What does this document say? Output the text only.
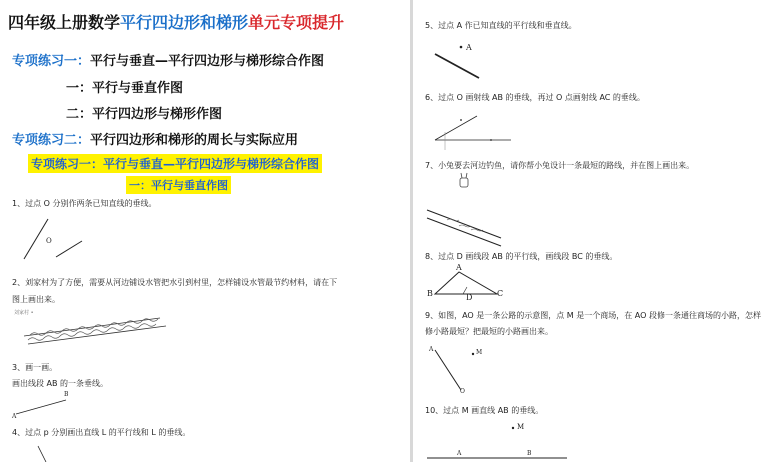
四年级上册数学平行四边形和梯形单元专项提升
专项练习一：平行与垂直—平行四边形与梯形综合作图
一：平行与垂直作图
二：平行四边形与梯形作图
专项练习二：平行四边形和梯形的周长与实际应用
专项练习一：平行与垂直—平行四边形与梯形综合作图
一：平行与垂直作图
1、过点 O 分别作两条已知直线的垂线。
O
2、刘家村为了方便，需要从河边铺设水管把水引到村里，怎样铺设水管最节约材料，请在下
图上画出来。
刘家村 •
3、画一画。
画出线段 AB 的一条垂线。
B
A
4、过点 p 分别画出直线 L 的平行线和 L 的垂线。
5、过点 A 作已知直线的平行线和垂直线。
A
6、过点 O 画射线 AB 的垂线，再过 O 点画射线 AC 的垂线。
7、小兔要去河边钓鱼，请你帮小兔设计一条最短的路线，并在图上画出来。
8、过点 D 画线段 AB 的平行线，画线段 BC 的垂线。
A
B	C
D
9、如图，AO 是一条公路的示意图，点 M 是一个商场，在 AO 段修一条通往商场的小路，怎样
修小路最短？把最短的小路画出来。
A	M
O
10、过点 M 画直线 AB 的垂线。
M
A	B
